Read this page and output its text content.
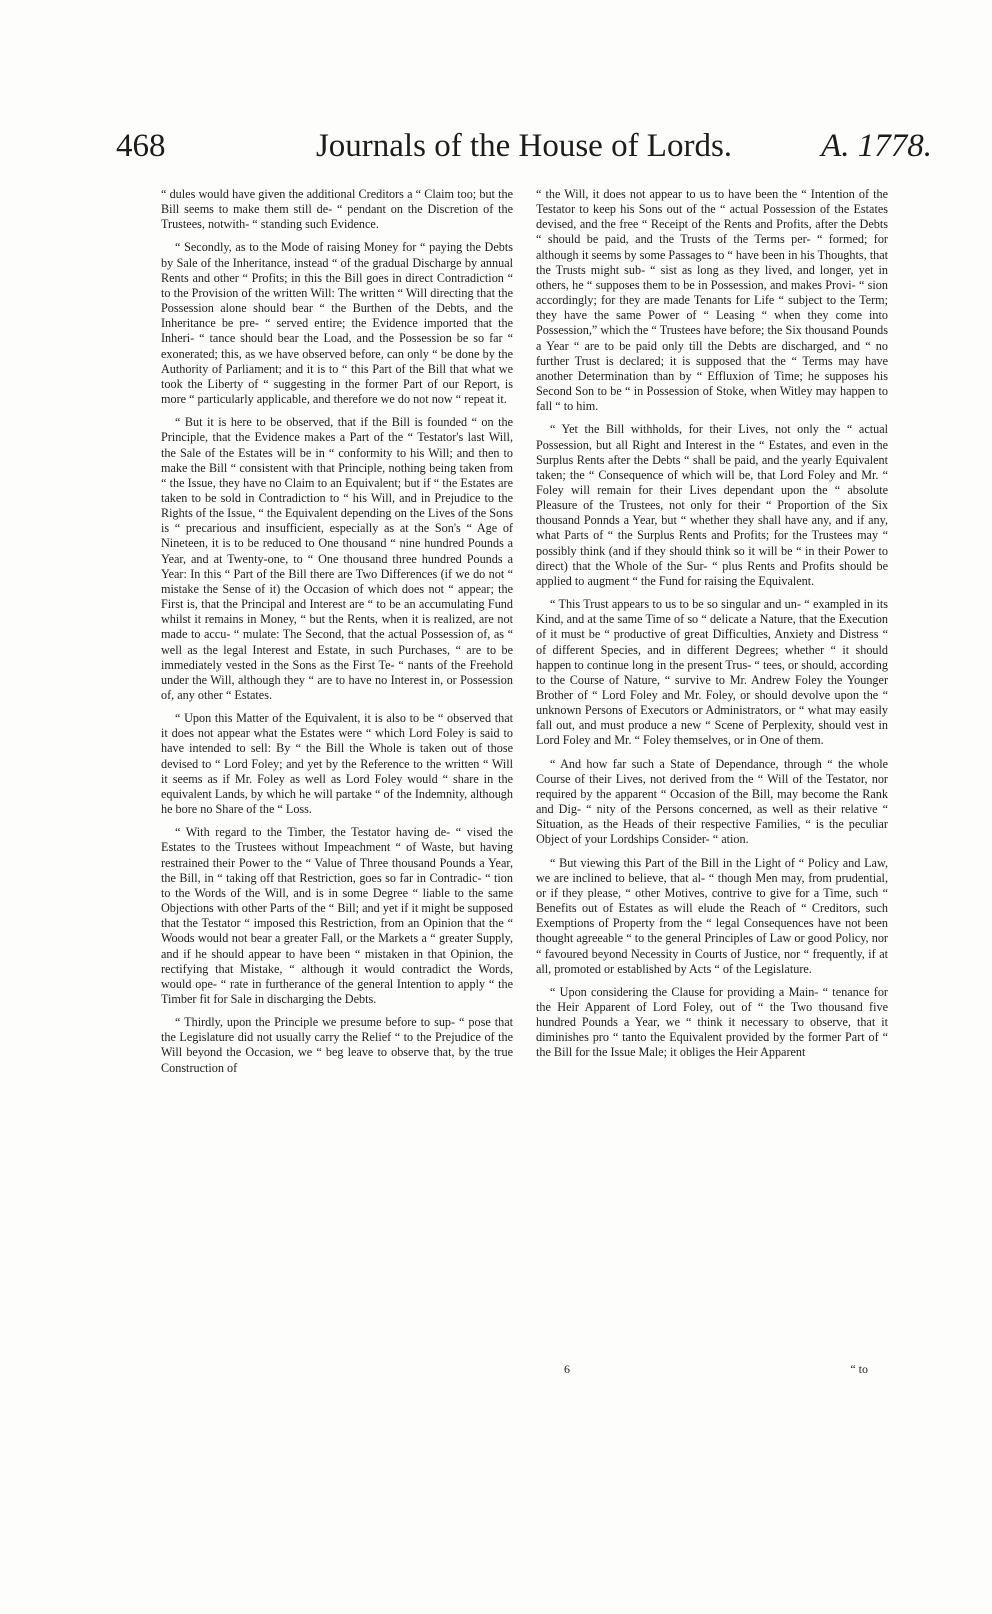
468	Journals of the House of Lords.	A. 1778.

“ dules would have given the additional Creditors a “ Claim too; but the Bill seems to make them still de- “ pendant on the Discretion of the Trustees, notwith- “ standing such Evidence.

“ Secondly, as to the Mode of raising Money for “ paying the Debts by Sale of the Inheritance, instead “ of the gradual Discharge by annual Rents and other “ Profits; in this the Bill goes in direct Contradiction “ to the Provision of the written Will: The written “ Will directing that the Possession alone should bear “ the Burthen of the Debts, and the Inheritance be pre- “ served entire; the Evidence imported that the Inheri- “ tance should bear the Load, and the Possession be so far “ exonerated; this, as we have observed before, can only “ be done by the Authority of Parliament; and it is to “ this Part of the Bill that what we took the Liberty of “ suggesting in the former Part of our Report, is more “ particularly applicable, and therefore we do not now “ repeat it.

“ But it is here to be observed, that if the Bill is founded “ on the Principle, that the Evidence makes a Part of the “ Testator's last Will, the Sale of the Estates will be in “ conformity to his Will; and then to make the Bill “ consistent with that Principle, nothing being taken from “ the Issue, they have no Claim to an Equivalent; but if “ the Estates are taken to be sold in Contradiction to “ his Will, and in Prejudice to the Rights of the Issue, “ the Equivalent depending on the Lives of the Sons is “ precarious and insufficient, especially as at the Son's “ Age of Nineteen, it is to be reduced to One thousand “ nine hundred Pounds a Year, and at Twenty-one, to “ One thousand three hundred Pounds a Year: In this “ Part of the Bill there are Two Differences (if we do not “ mistake the Sense of it) the Occasion of which does not “ appear; the First is, that the Principal and Interest are “ to be an accumulating Fund whilst it remains in Money, “ but the Rents, when it is realized, are not made to accu- “ mulate: The Second, that the actual Possession of, as “ well as the legal Interest and Estate, in such Purchases, “ are to be immediately vested in the Sons as the First Te- “ nants of the Freehold under the Will, although they “ are to have no Interest in, or Possession of, any other “ Estates.

“ Upon this Matter of the Equivalent, it is also to be “ observed that it does not appear what the Estates were “ which Lord Foley is said to have intended to sell: By “ the Bill the Whole is taken out of those devised to “ Lord Foley; and yet by the Reference to the written “ Will it seems as if Mr. Foley as well as Lord Foley would “ share in the equivalent Lands, by which he will partake “ of the Indemnity, although he bore no Share of the “ Loss.

“ With regard to the Timber, the Testator having de- “ vised the Estates to the Trustees without Impeachment “ of Waste, but having restrained their Power to the “ Value of Three thousand Pounds a Year, the Bill, in “ taking off that Restriction, goes so far in Contradic- “ tion to the Words of the Will, and is in some Degree “ liable to the same Objections with other Parts of the “ Bill; and yet if it might be supposed that the Testator “ imposed this Restriction, from an Opinion that the “ Woods would not bear a greater Fall, or the Markets a “ greater Supply, and if he should appear to have been “ mistaken in that Opinion, the rectifying that Mistake, “ although it would contradict the Words, would ope- “ rate in furtherance of the general Intention to apply “ the Timber fit for Sale in discharging the Debts.

“ Thirdly, upon the Principle we presume before to sup- “ pose that the Legislature did not usually carry the Relief “ to the Prejudice of the Will beyond the Occasion, we “ beg leave to observe that, by the true Construction of

“ the Will, it does not appear to us to have been the “ Intention of the Testator to keep his Sons out of the “ actual Possession of the Estates devised, and the free “ Receipt of the Rents and Profits, after the Debts “ should be paid, and the Trusts of the Terms per- “ formed; for although it seems by some Passages to “ have been in his Thoughts, that the Trusts might sub- “ sist as long as they lived, and longer, yet in others, he “ supposes them to be in Possession, and makes Provi- “ sion accordingly; for they are made Tenants for Life “ subject to the Term; they have the same Power of “ Leasing “ when they come into Possession,” which the “ Trustees have before; the Six thousand Pounds a Year “ are to be paid only till the Debts are discharged, and “ no further Trust is declared; it is supposed that the “ Terms may have another Determination than by “ Effluxion of Time; he supposes his Second Son to be “ in Possession of Stoke, when Witley may happen to fall “ to him.

“ Yet the Bill withholds, for their Lives, not only the “ actual Possession, but all Right and Interest in the “ Estates, and even in the Surplus Rents after the Debts “ shall be paid, and the yearly Equivalent taken; the “ Consequence of which will be, that Lord Foley and Mr. “ Foley will remain for their Lives dependant upon the “ absolute Pleasure of the Trustees, not only for their “ Proportion of the Six thousand Ponnds a Year, but “ whether they shall have any, and if any, what Parts of “ the Surplus Rents and Profits; for the Trustees may “ possibly think (and if they should think so it will be “ in their Power to direct) that the Whole of the Sur- “ plus Rents and Profits should be applied to augment “ the Fund for raising the Equivalent.

“ This Trust appears to us to be so singular and un- “ exampled in its Kind, and at the same Time of so “ delicate a Nature, that the Execution of it must be “ productive of great Difficulties, Anxiety and Distress “ of different Species, and in different Degrees; whether “ it should happen to continue long in the present Trus- “ tees, or should, according to the Course of Nature, “ survive to Mr. Andrew Foley the Younger Brother of “ Lord Foley and Mr. Foley, or should devolve upon the “ unknown Persons of Executors or Administrators, or “ what may easily fall out, and must produce a new “ Scene of Perplexity, should vest in Lord Foley and Mr. “ Foley themselves, or in One of them.

“ And how far such a State of Dependance, through “ the whole Course of their Lives, not derived from the “ Will of the Testator, nor required by the apparent “ Occasion of the Bill, may become the Rank and Dig- “ nity of the Persons concerned, as well as their relative “ Situation, as the Heads of their respective Families, “ is the peculiar Object of your Lordships Consider- “ ation.

“ But viewing this Part of the Bill in the Light of “ Policy and Law, we are inclined to believe, that al- “ though Men may, from prudential, or if they please, “ other Motives, contrive to give for a Time, such “ Benefits out of Estates as will elude the Reach of “ Creditors, such Exemptions of Property from the “ legal Consequences have not been thought agreeable “ to the general Principles of Law or good Policy, nor “ favoured beyond Necessity in Courts of Justice, nor “ frequently, if at all, promoted or established by Acts “ of the Legislature.

“ Upon considering the Clause for providing a Main- “ tenance for the Heir Apparent of Lord Foley, out of “ the Two thousand five hundred Pounds a Year, we “ think it necessary to observe, that it diminishes pro “ tanto the Equivalent provided by the former Part of “ the Bill for the Issue Male; it obliges the Heir Apparent

6	“ to
